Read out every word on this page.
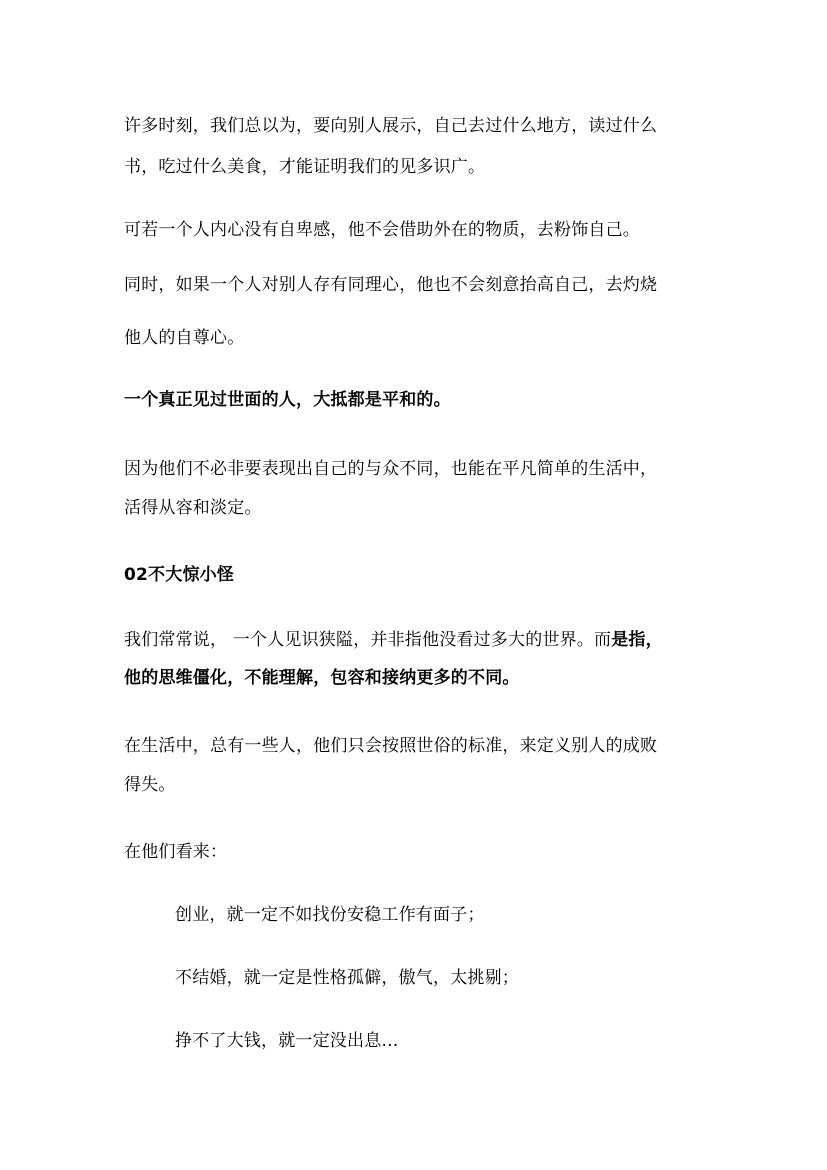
许多时刻，我们总以为，要向别人展示，自己去过什么地方，读过什么
书，吃过什么美食，才能证明我们的见多识广。
可若一个人内心没有自卑感，他不会借助外在的物质，去粉饰自己。
同时，如果一个人对别人存有同理心，他也不会刻意抬高自己，去灼烧
他人的自尊心。
一个真正见过世面的人，大抵都是平和的。
因为他们不必非要表现出自己的与众不同，也能在平凡简单的生活中，
活得从容和淡定。
02不大惊小怪
我们常常说， 一个人见识狭隘，并非指他没看过多大的世界。而是指，
他的思维僵化，不能理解，包容和接纳更多的不同。
在生活中，总有一些人，他们只会按照世俗的标准，来定义别人的成败
得失。
在他们看来：
创业，就一定不如找份安稳工作有面子；
不结婚，就一定是性格孤僻，傲气，太挑剔；
挣不了大钱，就一定没出息…
